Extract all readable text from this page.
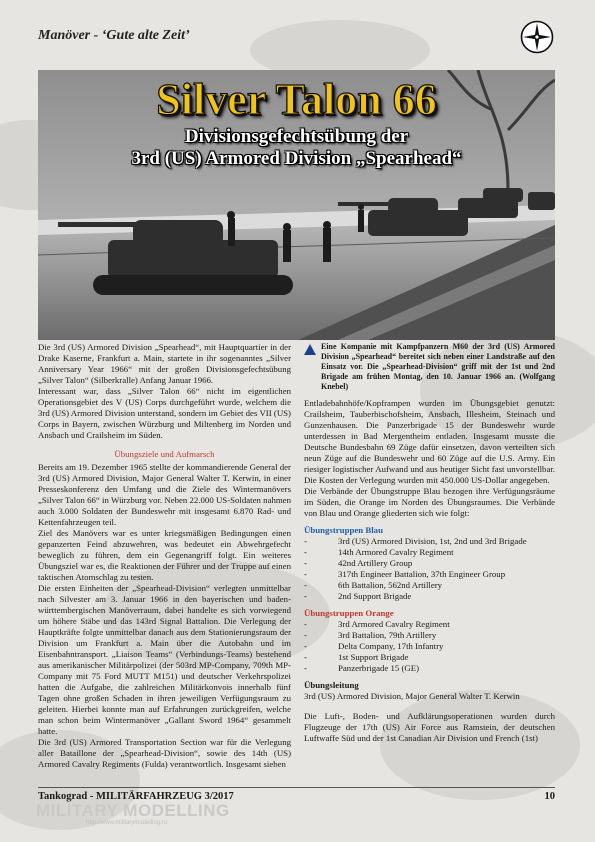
Manöver - ‘Gute alte Zeit’
Silver Talon 66
Divisionsgefechtsübung der
3rd (US) Armored Division „Spearhead“

Die 3rd (US) Armored Division „Spearhead“, mit Hauptquartier in der Drake Kaserne, Frankfurt a. Main, startete in ihr sogenanntes „Silver Anniversary Year 1966“ mit der großen Divisionsgefechtsübung „Silver Talon“ (Silberkralle) Anfang Januar 1966.

Interessant war, dass „Silver Talon 66“ nicht im eigentlichen Operationsgebiet des V (US) Corps durchgeführt wurde, welchem die 3rd (US) Armored Division unterstand, sondern im Gebiet des VII (US) Corps in Bayern, zwischen Würzburg und Miltenberg im Norden und Ansbach und Crailsheim im Süden.

Übungsziele und Aufmarsch

Bereits am 19. Dezember 1965 stellte der kommandierende General der 3rd (US) Armored Division, Major General Walter T. Kerwin, in einer Presseskonferenz den Umfang und die Ziele des Wintermanövers „Silver Talon 66“ in Würzburg vor. Neben 22.000 US-Soldaten nahmen auch 3.000 Soldaten der Bundeswehr mit insgesamt 6.870 Rad- und Kettenfahrzeugen teil.

Ziel des Manövers war es unter kriegsmäßigen Bedingungen einen gepanzerten Feind abzuwehren, was bedeutet ein Abwehrgefecht beweglich zu führen, dem ein Gegenangriff folgt. Ein weiteres Übungsziel war es, die Reaktionen der Führer und der Truppe auf einen taktischen Atomschlag zu testen.

Die ersten Einheiten der „Spearhead-Division“ verlegten unmittelbar nach Silvester am 3. Januar 1966 in den bayerischen und baden-württembergischen Manöverraum, dabei handelte es sich vorwiegend um höhere Stäbe und das 143rd Signal Battalion. Die Verlegung der Hauptkräfte folgte unmittelbar danach aus dem Stationierungsraum der Division um Frankfurt a. Main über die Autobahn und im Eisenbahntransport. „Liaison Teams“ (Verbindungs-Teams) bestehend aus amerikanischer Militärpolizei (der 503rd MP-Company, 709th MP-Company mit 75 Ford MUTT M151) und deutscher Verkehrspolizei hatten die Aufgabe, die zahlreichen Militärkonvois innerhalb fünf Tagen ohne großen Schaden in ihren jeweiligen Verfügungsraum zu geleiten. Hierbei konnte man auf Erfahrungen zurückgreifen, welche man schon beim Wintermanöver „Gallant Sword 1964“ gesammelt hatte.

Die 3rd (US) Armored Transportation Section war für die Verlegung aller Bataillone der „Spearhead-Division“, sowie des 14th (US) Armored Cavalry Regiments (Fulda) verantwortlich. Insgesamt sieben

Eine Kompanie mit Kampfpanzern M60 der 3rd (US) Armored Division „Spearhead“ bereitet sich neben einer Landstraße auf den Einsatz vor. Die „Spearhead-Division“ griff mit der 1st und 2nd Brigade am frühen Montag, den 10. Januar 1966 an. (Wolfgang Knebel)

Entladebahnhöfe/Kopframpen wurden im Übungsgebiet genutzt: Crailsheim, Tauberbischofsheim, Ansbach, Illesheim, Steinach und Gunzenhausen. Die Panzerbrigade 15 der Bundeswehr wurde unterdessen in Bad Mergentheim entladen. Insgesamt musste die Deutsche Bundesbahn 69 Züge dafür einsetzen, davon verteilten sich neun Züge auf die Bundeswehr und 60 Züge auf die U.S. Army. Ein riesiger logistischer Aufwand und aus heutiger Sicht fast unvorstellbar. Die Kosten der Verlegung wurden mit 450.000 US-Dollar angegeben.

Die Verbände der Übungstruppe Blau bezogen ihre Verfügungsräume im Süden, die Orange im Norden des Übungsraumes. Die Verbände von Blau und Orange gliederten sich wie folgt:

Übungstruppen Blau
-	3rd (US) Armored Division, 1st, 2nd und 3rd Brigade
-	14th Armored Cavalry Regiment
-	42nd Artillery Group
-	317th Engineer Battalion, 37th Engineer Group
-	6th Battalion, 562nd Artillery
-	2nd Support Brigade
Übungstruppen Orange
-	3rd Armored Cavalry Regiment
-	3rd Battalion, 79th Artillery
-	Delta Company, 17th Infantry
-	1st Support Brigade
-	Panzerbrigade 15 (GE)
Übungsleitung

3rd (US) Armored Division, Major General Walter T. Kerwin

Die Luft-, Boden- und Aufklärungsoperationen wurden durch Flugzeuge der 17th (US) Air Force aus Ramstein, der deutschen Luftwaffe Süd und der 1st Canadian Air Division und French (1st)

Tankograd - MILITÄRFAHRZEUG 3/2017	10
MILITARY MODELLING
http://www.militarymodelling.ru
